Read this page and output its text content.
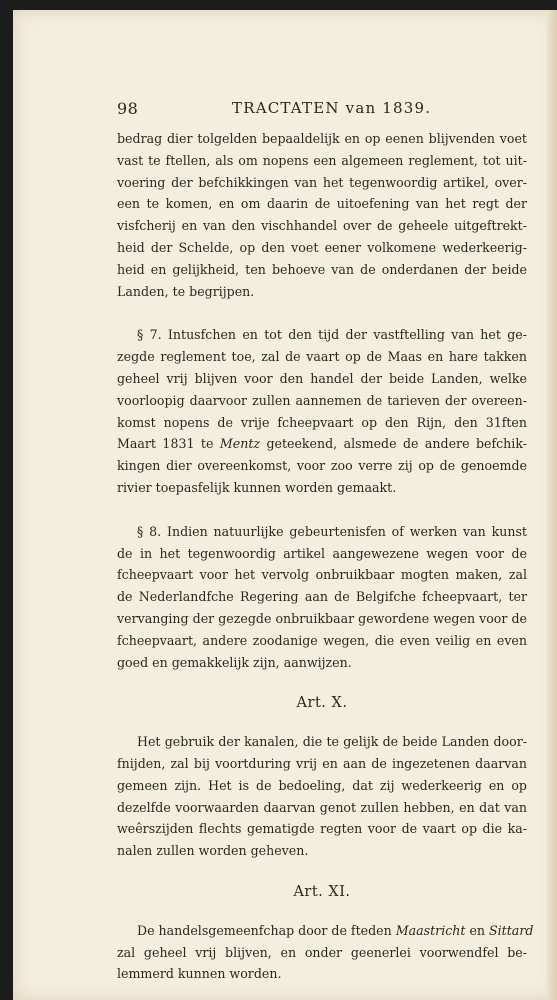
98	TRACTATEN van 1839.
bedrag dier tolgelden bepaaldelijk en op eenen blijvenden voet
vast te ftellen, als om nopens een algemeen reglement, tot uit-
voering der befchikkingen van het tegenwoordig artikel, over-
een te komen, en om daarin de uitoefening van het regt der
visfcherij en van den vischhandel over de geheele uitgeftrekt-
heid der Schelde, op den voet eener volkomene wederkeerig-
heid en gelijkheid, ten behoeve van de onderdanen der beide
Landen, te begrijpen.
§ 7. Intusfchen en tot den tijd der vastftelling van het ge-
zegde reglement toe, zal de vaart op de Maas en hare takken
geheel vrij blijven voor den handel der beide Landen, welke
voorloopig daarvoor zullen aannemen de tarieven der overeen-
komst nopens de vrije fcheepvaart op den Rijn, den 31ften
Maart 1831 te Mentz geteekend, alsmede de andere befchik-
kingen dier overeenkomst, voor zoo verre zij op de genoemde
rivier toepasfelijk kunnen worden gemaakt.
§ 8. Indien natuurlijke gebeurtenisfen of werken van kunst
de in het tegenwoordig artikel aangewezene wegen voor de
fcheepvaart voor het vervolg onbruikbaar mogten maken, zal
de Nederlandfche Regering aan de Belgifche fcheepvaart, ter
vervanging der gezegde onbruikbaar gewordene wegen voor de
fcheepvaart, andere zoodanige wegen, die even veilig en even
goed en gemakkelijk zijn, aanwijzen.
Art. X.
Het gebruik der kanalen, die te gelijk de beide Landen door-
fnijden, zal bij voortduring vrij en aan de ingezetenen daarvan
gemeen zijn. Het is de bedoeling, dat zij wederkeerig en op
dezelfde voorwaarden daarvan genot zullen hebben, en dat van
weêrszijden flechts gematigde regten voor de vaart op die ka-
nalen zullen worden geheven.
Art. XI.
De handelsgemeenfchap door de fteden Maastricht en Sittard
zal geheel vrij blijven, en onder geenerlei voorwendfel be-
lemmerd kunnen worden.
